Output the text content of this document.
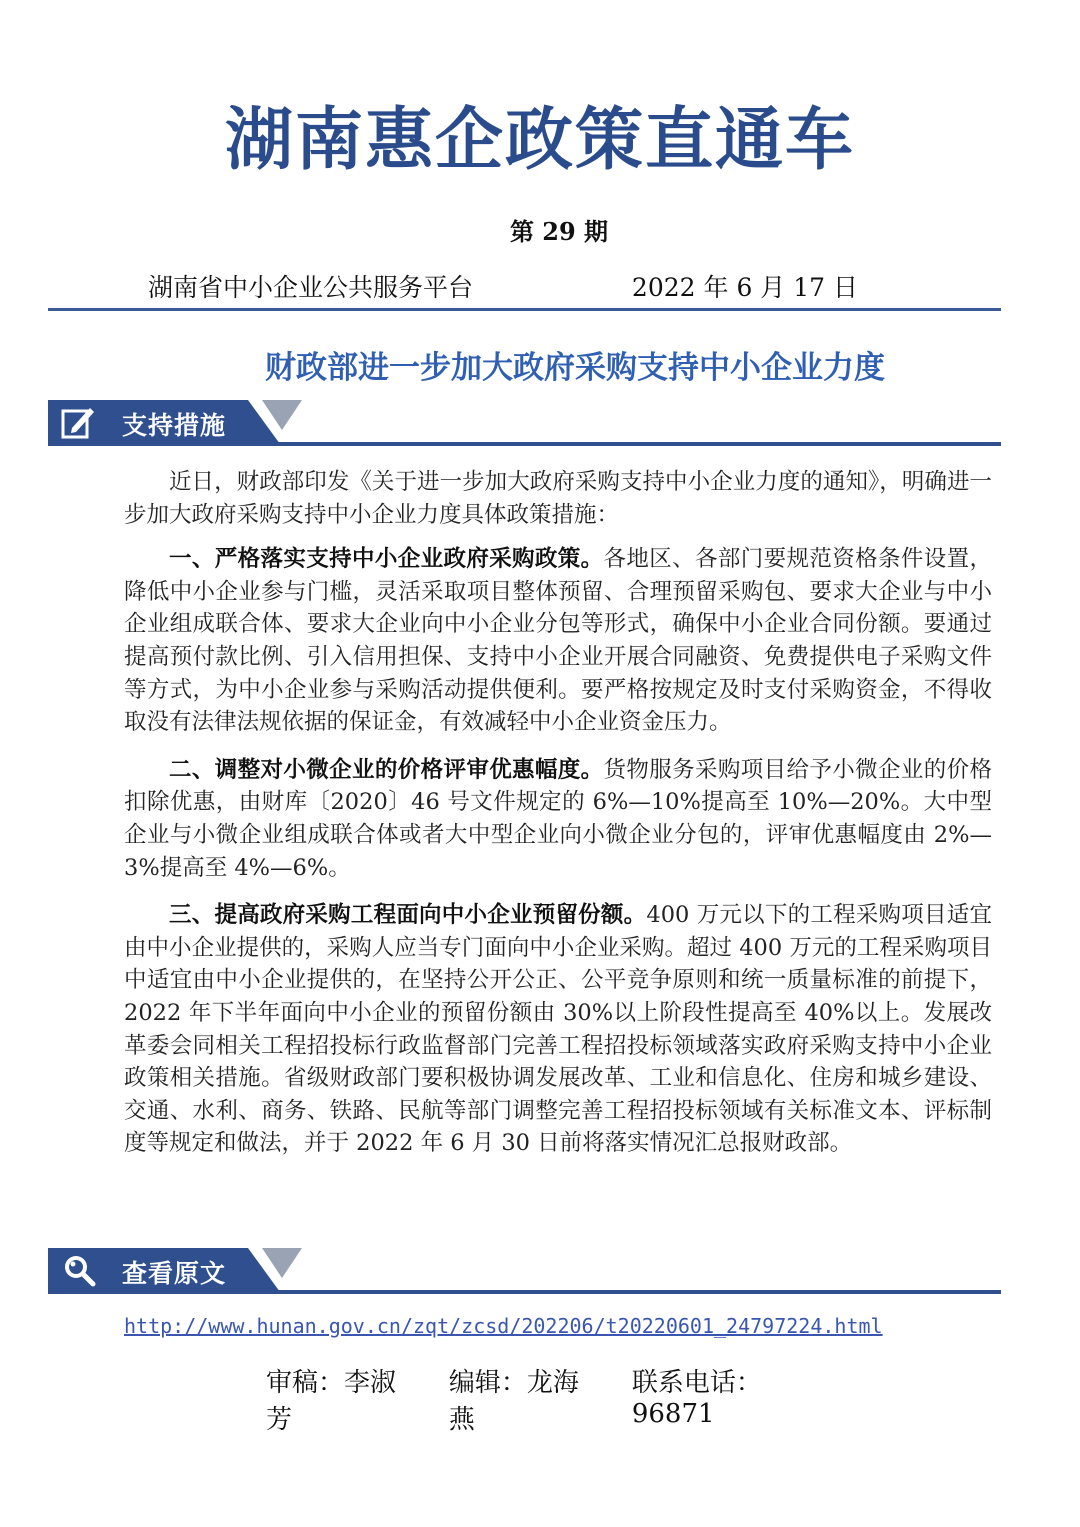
湖南惠企政策直通车
第 29 期
湖南省中小企业公共服务平台	2022 年 6 月 17 日
财政部进一步加大政府采购支持中小企业力度
支持措施

近日，财政部印发《关于进一步加大政府采购支持中小企业力度的通知》，明确进一步加大政府采购支持中小企业力度具体政策措施：

一、严格落实支持中小企业政府采购政策。各地区、各部门要规范资格条件设置，降低中小企业参与门槛，灵活采取项目整体预留、合理预留采购包、要求大企业与中小企业组成联合体、要求大企业向中小企业分包等形式，确保中小企业合同份额。要通过提高预付款比例、引入信用担保、支持中小企业开展合同融资、免费提供电子采购文件等方式，为中小企业参与采购活动提供便利。要严格按规定及时支付采购资金，不得收取没有法律法规依据的保证金，有效减轻中小企业资金压力。

二、调整对小微企业的价格评审优惠幅度。货物服务采购项目给予小微企业的价格扣除优惠，由财库〔2020〕46 号文件规定的 6%—10%提高至 10%—20%。大中型企业与小微企业组成联合体或者大中型企业向小微企业分包的，评审优惠幅度由 2%—3%提高至 4%—6%。

三、提高政府采购工程面向中小企业预留份额。400 万元以下的工程采购项目适宜由中小企业提供的，采购人应当专门面向中小企业采购。超过 400 万元的工程采购项目中适宜由中小企业提供的，在坚持公开公正、公平竞争原则和统一质量标准的前提下，2022 年下半年面向中小企业的预留份额由 30%以上阶段性提高至 40%以上。发展改革委会同相关工程招投标行政监督部门完善工程招投标领域落实政府采购支持中小企业政策相关措施。省级财政部门要积极协调发展改革、工业和信息化、住房和城乡建设、交通、水利、商务、铁路、民航等部门调整完善工程招投标领域有关标准文本、评标制度等规定和做法，并于 2022 年 6 月 30 日前将落实情况汇总报财政部。

查看原文
http://www.hunan.gov.cn/zqt/zcsd/202206/t20220601_24797224.html
审稿：李淑芳
编辑：龙海燕
联系电话：96871
